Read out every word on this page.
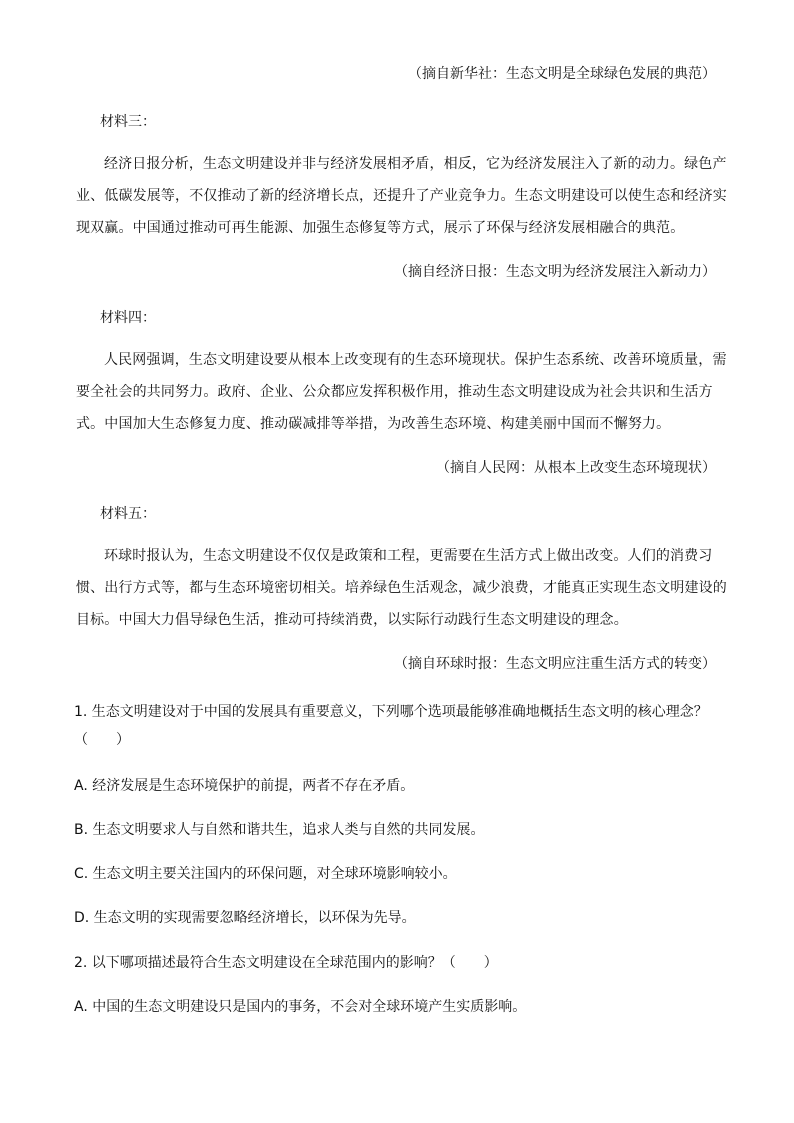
（摘自新华社：生态文明是全球绿色发展的典范）
材料三：
经济日报分析，生态文明建设并非与经济发展相矛盾，相反，它为经济发展注入了新的动力。绿色产
业、低碳发展等，不仅推动了新的经济增长点，还提升了产业竞争力。生态文明建设可以使生态和经济实
现双赢。中国通过推动可再生能源、加强生态修复等方式，展示了环保与经济发展相融合的典范。
（摘自经济日报：生态文明为经济发展注入新动力）
材料四：
人民网强调，生态文明建设要从根本上改变现有的生态环境现状。保护生态系统、改善环境质量，需
要全社会的共同努力。政府、企业、公众都应发挥积极作用，推动生态文明建设成为社会共识和生活方
式。中国加大生态修复力度、推动碳减排等举措，为改善生态环境、构建美丽中国而不懈努力。
（摘自人民网：从根本上改变生态环境现状）
材料五：
环球时报认为，生态文明建设不仅仅是政策和工程，更需要在生活方式上做出改变。人们的消费习
惯、出行方式等，都与生态环境密切相关。培养绿色生活观念，减少浪费，才能真正实现生态文明建设的
目标。中国大力倡导绿色生活，推动可持续消费，以实际行动践行生态文明建设的理念。
（摘自环球时报：生态文明应注重生活方式的转变）
1. 生态文明建设对于中国的发展具有重要意义，下列哪个选项最能够准确地概括生态文明的核心理念？
（　　）
A. 经济发展是生态环境保护的前提，两者不存在矛盾。
B. 生态文明要求人与自然和谐共生，追求人类与自然的共同发展。
C. 生态文明主要关注国内的环保问题，对全球环境影响较小。
D. 生态文明的实现需要忽略经济增长，以环保为先导。
2. 以下哪项描述最符合生态文明建设在全球范围内的影响？（　　）
A. 中国的生态文明建设只是国内的事务，不会对全球环境产生实质影响。
